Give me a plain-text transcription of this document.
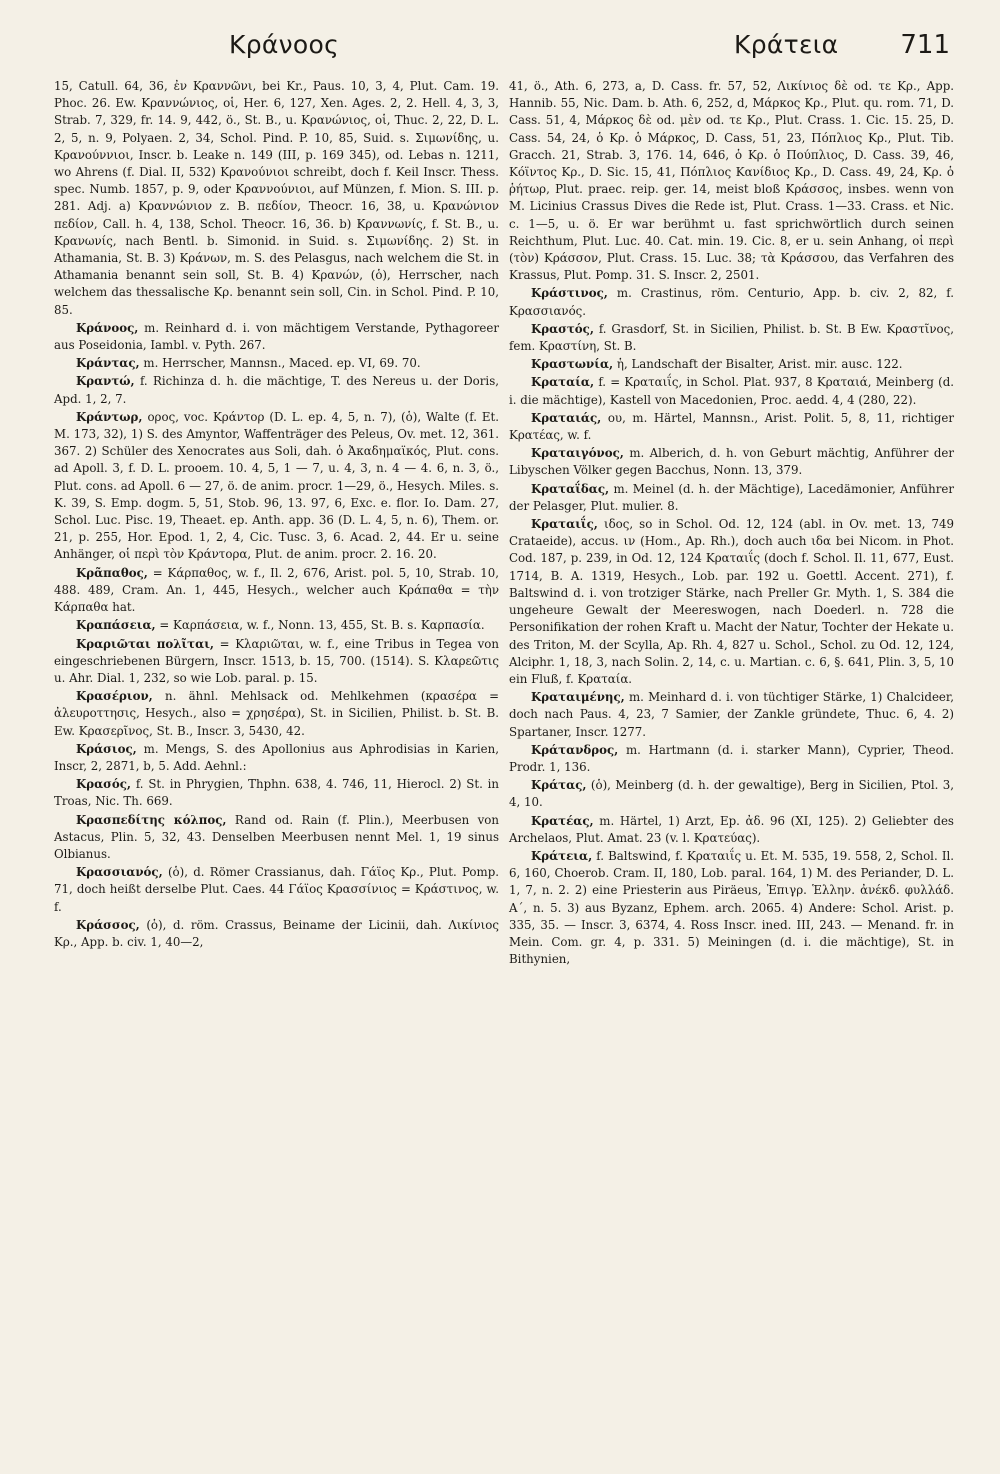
Κράνοος	Κράτεια 711

15, Catull. 64, 36, ἐν Κραννῶνι, bei Kr., Paus. 10, 3, 4, Plut. Cam. 19. Phoc. 26. Ew. Κραννώνιος, οἱ, Her. 6, 127, Xen. Ages. 2, 2. Hell. 4, 3, 3, Strab. 7, 329, fr. 14. 9, 442, ö., St. B., u. Κρανώνιος, οἱ, Thuc. 2, 22, D. L. 2, 5, n. 9, Polyaen. 2, 34, Schol. Pind. P. 10, 85, Suid. s. Σιμωνίδης, u. Κρανούννιοι, Inscr. b. Leake n. 149 (III, p. 169 345), od. Lebas n. 1211, wo Ahrens (f. Dial. II, 532) Κρανούνιοι schreibt, doch f. Keil Inscr. Thess. spec. Numb. 1857, p. 9, oder Κραννούνιοι, auf Münzen, f. Mion. S. III. p. 281. Adj. a) Κραννώνιον z. B. πεδίον, Theocr. 16, 38, u. Κρανώνιον πεδίον, Call. h. 4, 138, Schol. Theocr. 16, 36. b) Κραννωνίς, f. St. B., u. Κρανωνίς, nach Bentl. b. Simonid. in Suid. s. Σιμωνίδης. 2) St. in Athamania, St. B. 3) Κράνων, m. S. des Pelasgus, nach welchem die St. in Athamania benannt sein soll, St. B. 4) Κρανών, (ὁ), Herrscher, nach welchem das thessalische Κρ. benannt sein soll, Cin. in Schol. Pind. P. 10, 85.

Κράνοος, m. Reinhard d. i. von mächtigem Verstande, Pythagoreer aus Poseidonia, Iambl. v. Pyth. 267.

Κράντας, m. Herrscher, Mannsn., Maced. ep. VI, 69. 70.

Κραντώ, f. Richinza d. h. die mächtige, T. des Nereus u. der Doris, Apd. 1, 2, 7.

Κράντωρ, ορος, voc. Κράντορ (D. L. ep. 4, 5, n. 7), (ὁ), Walte (f. Et. M. 173, 32), 1) S. des Amyntor, Waffenträger des Peleus, Ov. met. 12, 361. 367. 2) Schüler des Xenocrates aus Soli, dah. ὁ Ἀκαδημαϊκός, Plut. cons. ad Apoll. 3, f. D. L. prooem. 10. 4, 5, 1 — 7, u. 4, 3, n. 4 — 4. 6, n. 3, ö., Plut. cons. ad Apoll. 6 — 27, ö. de anim. procr. 1—29, ö., Hesych. Miles. s. K. 39, S. Emp. dogm. 5, 51, Stob. 96, 13. 97, 6, Exc. e. flor. Io. Dam. 27, Schol. Luc. Pisc. 19, Theaet. ep. Anth. app. 36 (D. L. 4, 5, n. 6), Them. or. 21, p. 255, Hor. Epod. 1, 2, 4, Cic. Tusc. 3, 6. Acad. 2, 44. Er u. seine Anhänger, οἱ περὶ τὸν Κράντορα, Plut. de anim. procr. 2. 16. 20.

Κρᾶπαθος, = Κάρπαθος, w. f., Il. 2, 676, Arist. pol. 5, 10, Strab. 10, 488. 489, Cram. An. 1, 445, Hesych., welcher auch Κράπαθα = τὴν Κάρπαθα hat.

Κραπάσεια, = Καρπάσεια, w. f., Nonn. 13, 455, St. B. s. Καρπασία.

Κραριῶται πολῖται, = Κλαριῶται, w. f., eine Tribus in Tegea von eingeschriebenen Bürgern, Inscr. 1513, b. 15, 700. (1514). S. Κλαρεῶτις u. Ahr. Dial. 1, 232, so wie Lob. paral. p. 15.

Κρασέριον, n. ähnl. Mehlsack od. Mehlkehmen (κρασέρα = ἀλευροττησις, Hesych., also = χρησέρα), St. in Sicilien, Philist. b. St. B. Ew. Κρασερῖνος, St. B., Inscr. 3, 5430, 42.

Κράσιος, m. Mengs, S. des Apollonius aus Aphrodisias in Karien, Inscr, 2, 2871, b, 5. Add. Aehnl.:

Κρασός, f. St. in Phrygien, Thphn. 638, 4. 746, 11, Hierocl. 2) St. in Troas, Nic. Th. 669.

Κρασπεδίτης κόλπος, Rand od. Rain (f. Plin.), Meerbusen von Astacus, Plin. 5, 32, 43. Denselben Meerbusen nennt Mel. 1, 19 sinus Olbianus.

Κρασσιανός, (ὁ), d. Römer Crassianus, dah. Γάϊος Κρ., Plut. Pomp. 71, doch heißt derselbe Plut. Caes. 44 Γάϊος Κρασσίνιος = Κράστινος, w. f.

Κράσσος, (ὁ), d. röm. Crassus, Beiname der Licinii, dah. Λικίνιος Κρ., App. b. civ. 1, 40—2,

41, ö., Ath. 6, 273, a, D. Cass. fr. 57, 52, Λικίνιος δὲ od. τε Κρ., App. Hannib. 55, Nic. Dam. b. Ath. 6, 252, d, Μάρκος Κρ., Plut. qu. rom. 71, D. Cass. 51, 4, Μάρκος δὲ od. μὲν od. τε Κρ., Plut. Crass. 1. Cic. 15. 25, D. Cass. 54, 24, ὁ Κρ. ὁ Μάρκος, D. Cass, 51, 23, Πόπλιος Κρ., Plut. Tib. Gracch. 21, Strab. 3, 176. 14, 646, ὁ Κρ. ὁ Πούπλιος, D. Cass. 39, 46, Κόϊντος Κρ., D. Sic. 15, 41, Πόπλιος Κανίδιος Κρ., D. Cass. 49, 24, Κρ. ὁ ῥήτωρ, Plut. praec. reip. ger. 14, meist bloß Κράσσος, insbes. wenn von M. Licinius Crassus Dives die Rede ist, Plut. Crass. 1—33. Crass. et Nic. c. 1—5, u. ö. Er war berühmt u. fast sprichwörtlich durch seinen Reichthum, Plut. Luc. 40. Cat. min. 19. Cic. 8, er u. sein Anhang, οἱ περὶ (τὸν) Κράσσον, Plut. Crass. 15. Luc. 38; τὰ Κράσσου, das Verfahren des Krassus, Plut. Pomp. 31. S. Inscr. 2, 2501.

Κράστινος, m. Crastinus, röm. Centurio, App. b. civ. 2, 82, f. Κρασσιανός.

Κραστός, f. Grasdorf, St. in Sicilien, Philist. b. St. B Ew. Κραστῖνος, fem. Κραστίνη, St. B.

Κραστωνία, ἡ, Landschaft der Bisalter, Arist. mir. ausc. 122.

Κραταία, f. = Κραταιΐς, in Schol. Plat. 937, 8 Κραταιά, Meinberg (d. i. die mächtige), Kastell von Macedonien, Proc. aedd. 4, 4 (280, 22).

Κραταιάς, ου, m. Härtel, Mannsn., Arist. Polit. 5, 8, 11, richtiger Κρατέας, w. f.

Κραταιγόνος, m. Alberich, d. h. von Geburt mächtig, Anführer der Libyschen Völker gegen Bacchus, Nonn. 13, 379.

Κραταΐδας, m. Meinel (d. h. der Mächtige), Lacedämonier, Anführer der Pelasger, Plut. mulier. 8.

Κραταιΐς, ιδος, so in Schol. Od. 12, 124 (abl. in Ov. met. 13, 749 Crataeide), accus. ιν (Hom., Ap. Rh.), doch auch ιδα bei Nicom. in Phot. Cod. 187, p. 239, in Od. 12, 124 Κραταιΐς (doch f. Schol. Il. 11, 677, Eust. 1714, B. A. 1319, Hesych., Lob. par. 192 u. Goettl. Accent. 271), f. Baltswind d. i. von trotziger Stärke, nach Preller Gr. Myth. 1, S. 384 die ungeheure Gewalt der Meereswogen, nach Doederl. n. 728 die Personifikation der rohen Kraft u. Macht der Natur, Tochter der Hekate u. des Triton, M. der Scylla, Ap. Rh. 4, 827 u. Schol., Schol. zu Od. 12, 124, Alciphr. 1, 18, 3, nach Solin. 2, 14, c. u. Martian. c. 6, §. 641, Plin. 3, 5, 10 ein Fluß, f. Κραταία.

Κραταιμένης, m. Meinhard d. i. von tüchtiger Stärke, 1) Chalcideer, doch nach Paus. 4, 23, 7 Samier, der Zankle gründete, Thuc. 6, 4. 2) Spartaner, Inscr. 1277.

Κράτανδρος, m. Hartmann (d. i. starker Mann), Cyprier, Theod. Prodr. 1, 136.

Κράτας, (ὁ), Meinberg (d. h. der gewaltige), Berg in Sicilien, Ptol. 3, 4, 10.

Κρατέας, m. Härtel, 1) Arzt, Ep. ἀδ. 96 (XI, 125). 2) Geliebter des Archelaos, Plut. Amat. 23 (v. l. Κρατεύας).

Κράτεια, f. Baltswind, f. Κραταιΐς u. Et. M. 535, 19. 558, 2, Schol. Il. 6, 160, Choerob. Cram. II, 180, Lob. paral. 164, 1) M. des Periander, D. L. 1, 7, n. 2. 2) eine Priesterin aus Piräeus, Ἐπιγρ. Ἑλλην. ἀνέκδ. φυλλάδ. Α΄, n. 5. 3) aus Byzanz, Ephem. arch. 2065. 4) Andere: Schol. Arist. p. 335, 35. — Inscr. 3, 6374, 4. Ross Inscr. ined. III, 243. — Menand. fr. in Mein. Com. gr. 4, p. 331. 5) Meiningen (d. i. die mächtige), St. in Bithynien,
